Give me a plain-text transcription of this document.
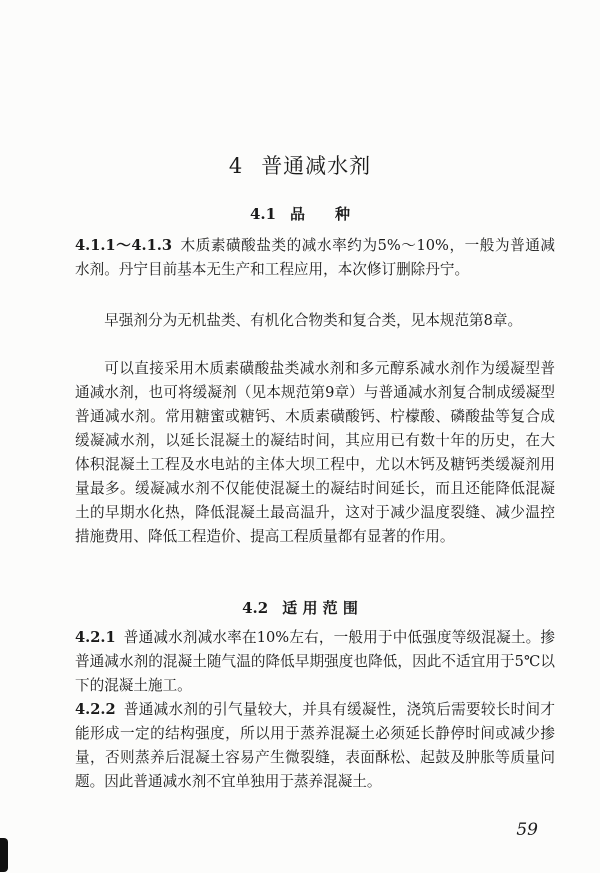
4 普通减水剂
4.1 品　　种
4.1.1～4.1.3 木质素磺酸盐类的减水率约为5%～10%，一般为普通减水剂。丹宁目前基本无生产和工程应用，本次修订删除丹宁。
早强剂分为无机盐类、有机化合物类和复合类，见本规范第8章。
可以直接采用木质素磺酸盐类减水剂和多元醇系减水剂作为缓凝型普通减水剂，也可将缓凝剂（见本规范第9章）与普通减水剂复合制成缓凝型普通减水剂。常用糖蜜或糖钙、木质素磺酸钙、柠檬酸、磷酸盐等复合成缓凝减水剂，以延长混凝土的凝结时间，其应用已有数十年的历史，在大体积混凝土工程及水电站的主体大坝工程中，尤以木钙及糖钙类缓凝剂用量最多。缓凝减水剂不仅能使混凝土的凝结时间延长，而且还能降低混凝土的早期水化热，降低混凝土最高温升，这对于减少温度裂缝、减少温控措施费用、降低工程造价、提高工程质量都有显著的作用。
4.2 适 用 范 围
4.2.1 普通减水剂减水率在10%左右，一般用于中低强度等级混凝土。掺普通减水剂的混凝土随气温的降低早期强度也降低，因此不适宜用于5℃以下的混凝土施工。
4.2.2 普通减水剂的引气量较大，并具有缓凝性，浇筑后需要较长时间才能形成一定的结构强度，所以用于蒸养混凝土必须延长静停时间或减少掺量，否则蒸养后混凝土容易产生微裂缝，表面酥松、起鼓及肿胀等质量问题。因此普通减水剂不宜单独用于蒸养混凝土。
59
